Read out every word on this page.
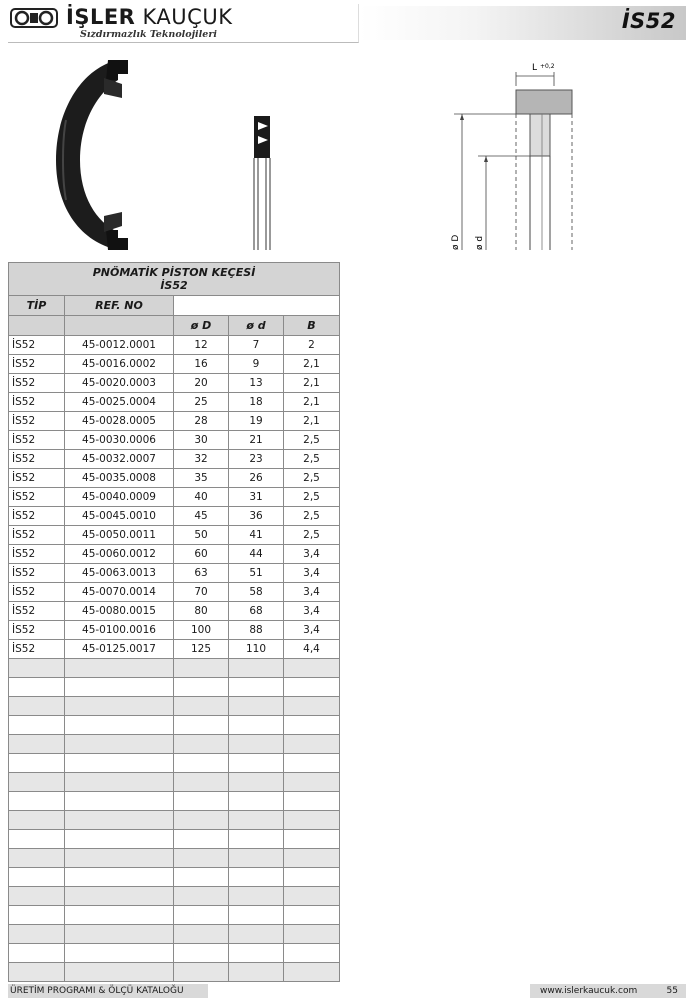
İŞLER KAUÇUK
Sızdırmazlık Teknolojileri
İS52
L +0,2
ø D ø d
PNÖMATİK PİSTON KEÇESİ
İS52				

TİP	REF. NO			
		ø D	ø d	B
İS52	45-0012.0001	12	7	2
İS52	45-0016.0002	16	9	2,1
İS52	45-0020.0003	20	13	2,1
İS52	45-0025.0004	25	18	2,1
İS52	45-0028.0005	28	19	2,1
İS52	45-0030.0006	30	21	2,5
İS52	45-0032.0007	32	23	2,5
İS52	45-0035.0008	35	26	2,5
İS52	45-0040.0009	40	31	2,5
İS52	45-0045.0010	45	36	2,5
İS52	45-0050.0011	50	41	2,5
İS52	45-0060.0012	60	44	3,4
İS52	45-0063.0013	63	51	3,4
İS52	45-0070.0014	70	58	3,4
İS52	45-0080.0015	80	68	3,4
İS52	45-0100.0016	100	88	3,4
İS52	45-0125.0017	125	110	4,4

ÜRETİM PROGRAMI & ÖLÇÜ KATALOĞU	www.islerkaucuk.com	55
